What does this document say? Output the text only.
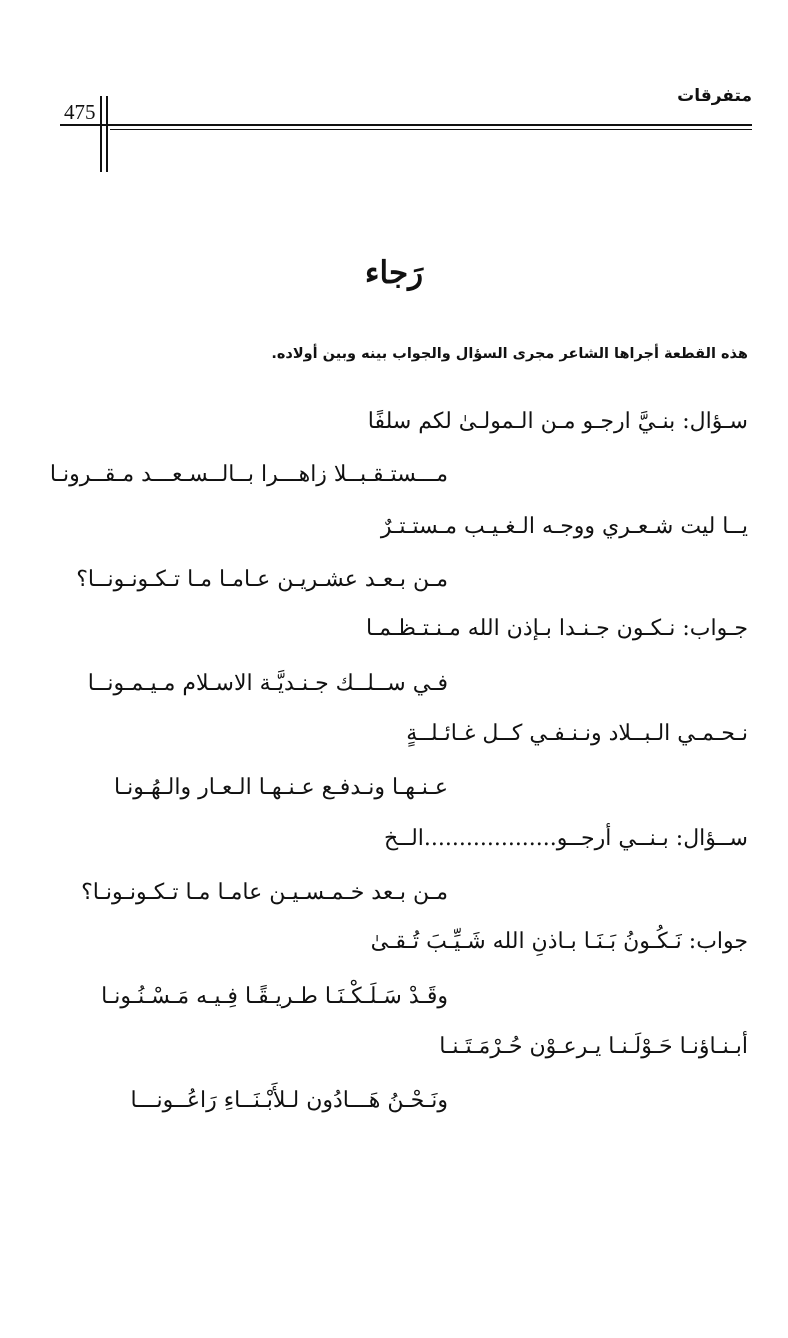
متفرقات
475
رَجاء
هذه القطعة أجراها الشاعر مجرى السؤال والجواب بينه وبين أولاده.
سـؤال: بنـيَّ ارجـو مـن الـمولـىٰ لكم سلفًا
مـــستـقـبــلا زاهـــرا بــالــسـعـــد مـقــرونـا
يــا ليت شـعـري ووجـه الـغـيـب مـستـتـرٌ
مـن بـعـد عشـريـن عـامـا مـا تـكـونـونــا؟
جـواب: نـكـون جـنـدا بـإذن الله مـنـتـظـمـا
فـي ســلــك جـنـديَّـة الاسـلام مـيـمـونــا
نـحـمـي الـبــلاد ونـنـفـي كــل غـائـلــةٍ
عـنـهـا ونـدفـع عـنـهـا الـعـار والـهُـونـا
ســؤال: بـنــي أرجــو...................الــخ
مـن بـعد خـمـسـيـن عامـا مـا تـكـونـونـا؟
جواب: نَـكُـونُ بَـنَـا بـاذنِ الله شَـيِّـبَ تُـقـىٰ
وقَـدْ سَـلَـكْـنَـا طـريـقًـا فِـيـه مَـسْـنُـونـا
أبـنـاؤنـا حَـوْلَـنـا يـرعـوْن حُـرْمَـتَـنـا
ونَـحْـنُ هَـــادُون لـلأَبْـنَــاءِ رَاعُــونـــا
